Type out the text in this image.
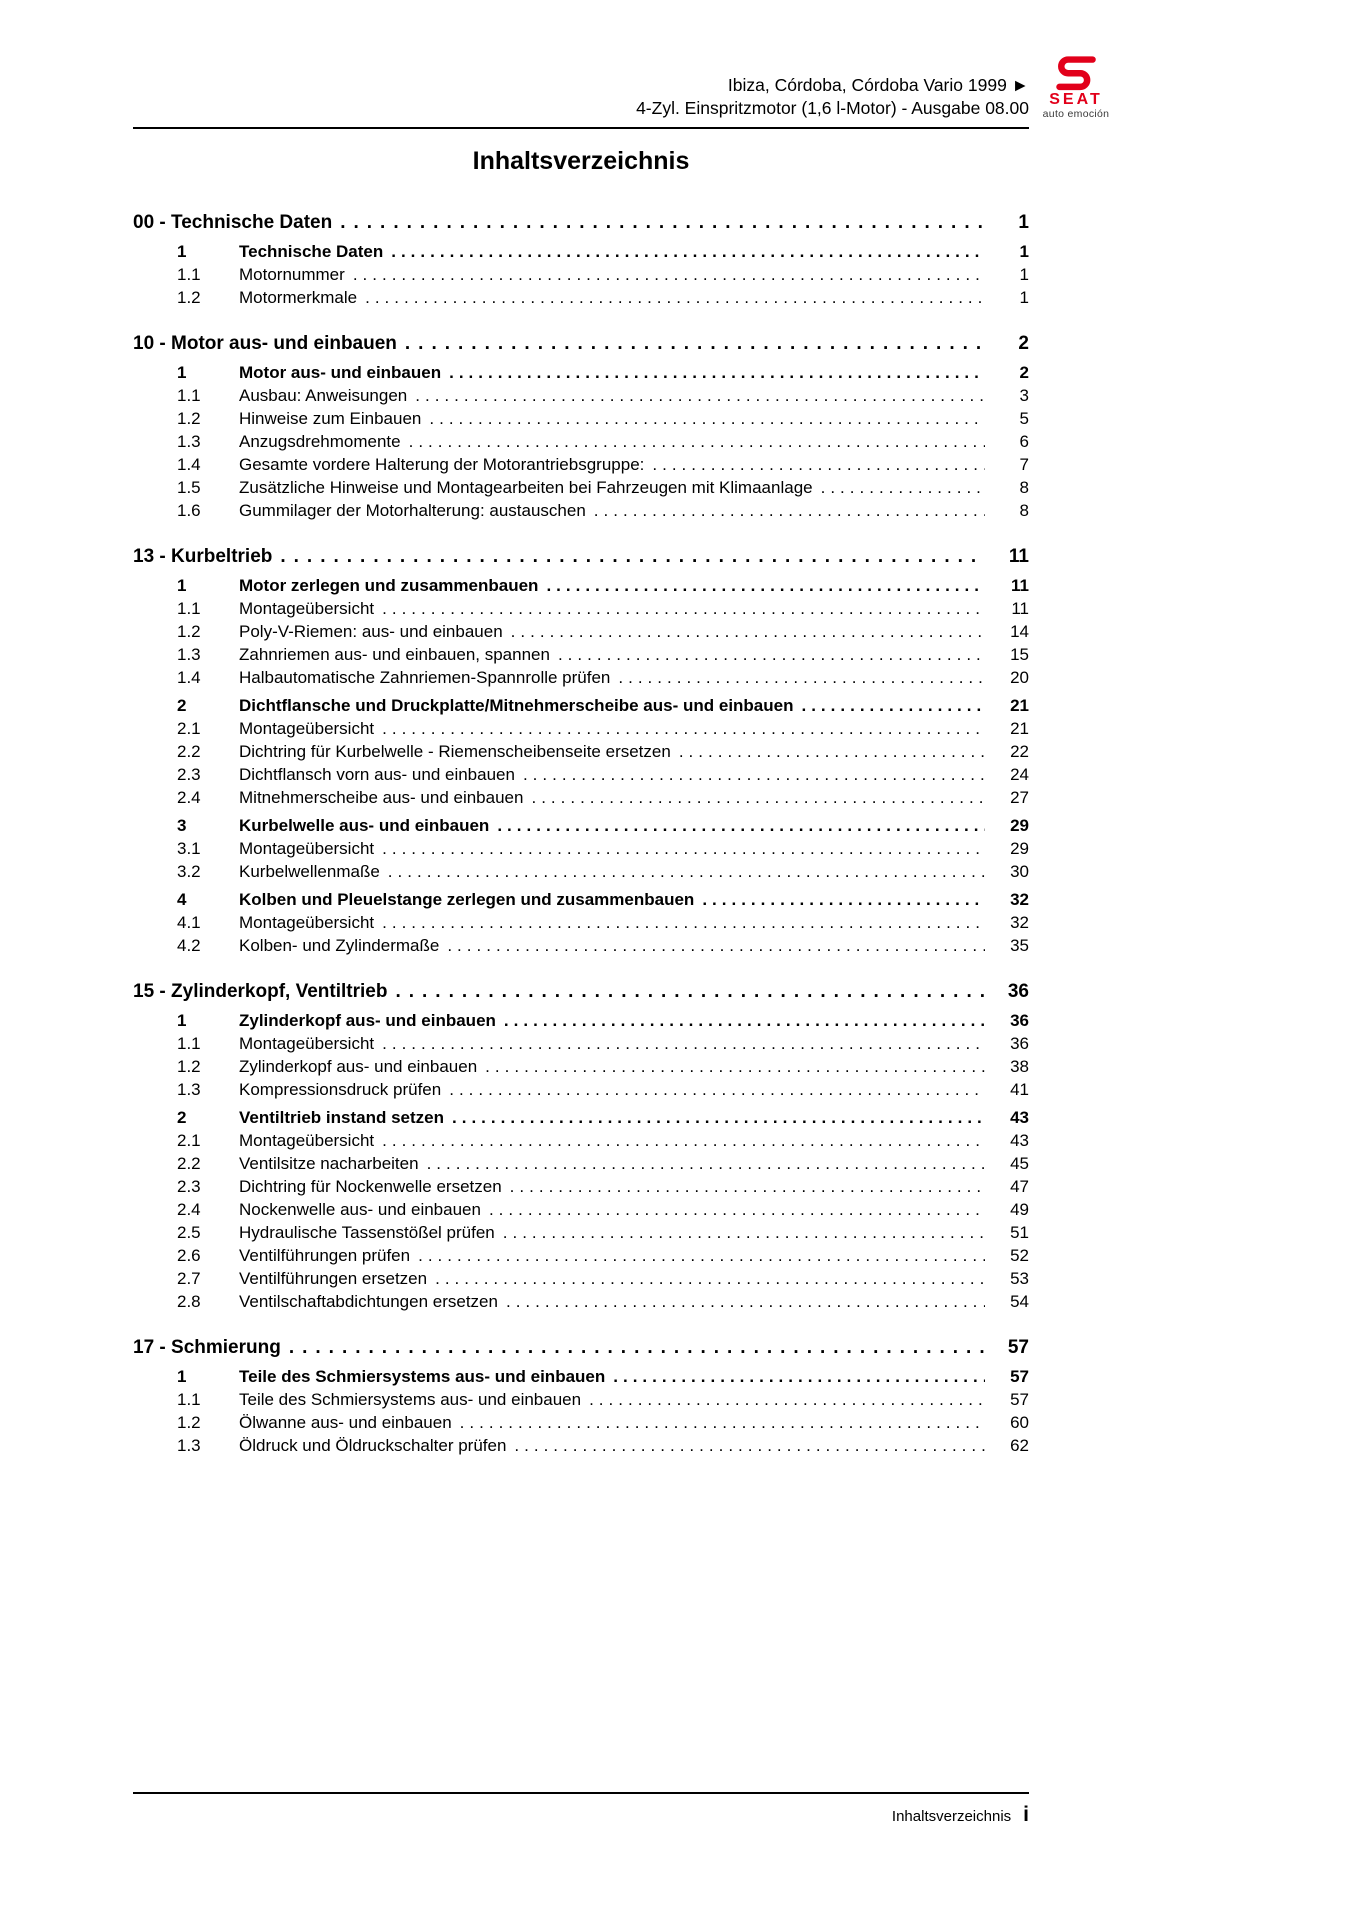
Ibiza, Córdoba, Córdoba Vario 1999 ►
4-Zyl. Einspritzmotor (1,6 l-Motor) - Ausgabe 08.00	SEAT
auto emoción
Inhaltsverzeichnis
00 - Technische Daten .....	1
1	Technische Daten .....	1
1.1	Motornummer .....	1
1.2	Motormerkmale .....	1
10 - Motor aus- und einbauen .....	2
1	Motor aus- und einbauen .....	2
1.1	Ausbau: Anweisungen .....	3
1.2	Hinweise zum Einbauen .....	5
1.3	Anzugsdrehmomente .....	6
1.4	Gesamte vordere Halterung der Motorantriebsgruppe: .....	7
1.5	Zusätzliche Hinweise und Montagearbeiten bei Fahrzeugen mit Klimaanlage .....	8
1.6	Gummilager der Motorhalterung: austauschen .....	8
13 - Kurbeltrieb .....	11
1	Motor zerlegen und zusammenbauen .....	11
1.1	Montageübersicht .....	11
1.2	Poly-V-Riemen: aus- und einbauen .....	14
1.3	Zahnriemen aus- und einbauen, spannen .....	15
1.4	Halbautomatische Zahnriemen-Spannrolle prüfen .....	20
2	Dichtflansche und Druckplatte/Mitnehmerscheibe aus- und einbauen .....	21
2.1	Montageübersicht .....	21
2.2	Dichtring für Kurbelwelle - Riemenscheibenseite ersetzen .....	22
2.3	Dichtflansch vorn aus- und einbauen .....	24
2.4	Mitnehmerscheibe aus- und einbauen .....	27
3	Kurbelwelle aus- und einbauen .....	29
3.1	Montageübersicht .....	29
3.2	Kurbelwellenmaße .....	30
4	Kolben und Pleuelstange zerlegen und zusammenbauen .....	32
4.1	Montageübersicht .....	32
4.2	Kolben- und Zylindermaße .....	35
15 - Zylinderkopf, Ventiltrieb .....	36
1	Zylinderkopf aus- und einbauen .....	36
1.1	Montageübersicht .....	36
1.2	Zylinderkopf aus- und einbauen .....	38
1.3	Kompressionsdruck prüfen .....	41
2	Ventiltrieb instand setzen .....	43
2.1	Montageübersicht .....	43
2.2	Ventilsitze nacharbeiten .....	45
2.3	Dichtring für Nockenwelle ersetzen .....	47
2.4	Nockenwelle aus- und einbauen .....	49
2.5	Hydraulische Tassenstößel prüfen .....	51
2.6	Ventilführungen prüfen .....	52
2.7	Ventilführungen ersetzen .....	53
2.8	Ventilschaftabdichtungen ersetzen .....	54
17 - Schmierung .....	57
1	Teile des Schmiersystems aus- und einbauen .....	57
1.1	Teile des Schmiersystems aus- und einbauen .....	57
1.2	Ölwanne aus- und einbauen .....	60
1.3	Öldruck und Öldruckschalter prüfen .....	62
Inhaltsverzeichnis i
